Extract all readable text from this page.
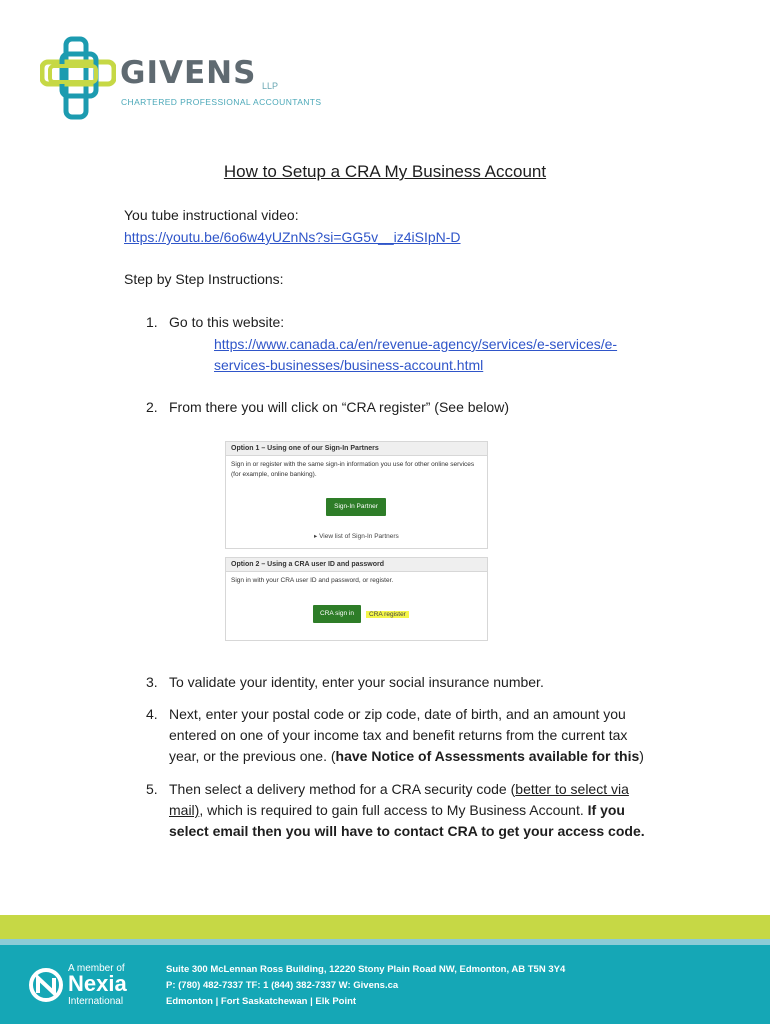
GIVENS LLP
CHARTERED PROFESSIONAL ACCOUNTANTS
How to Setup a CRA My Business Account
You tube instructional video:
https://youtu.be/6o6w4yUZnNs?si=GG5v__iz4iSIpN-D
Step by Step Instructions:
1. Go to this website:
https://www.canada.ca/en/revenue-agency/services/e-services/e-
services-businesses/business-account.html
2. From there you will click on “CRA register” (See below)
Option 1 – Using one of our Sign-In Partners
Sign in or register with the same sign-in information you use for other online services (for example, online banking).
Sign-In Partner
▸ View list of Sign-In Partners
Option 2 – Using a CRA user ID and password
Sign in with your CRA user ID and password, or register.
CRA sign in	CRA register
3. To validate your identity, enter your social insurance number.
4. Next, enter your postal code or zip code, date of birth, and an amount you
entered on one of your income tax and benefit returns from the current tax
year, or the previous one. (have Notice of Assessments available for this)
5. Then select a delivery method for a CRA security code (better to select via
mail), which is required to gain full access to My Business Account. If you
select email then you will have to contact CRA to get your access code.
A member of
Nexia
International
Suite 300 McLennan Ross Building, 12220 Stony Plain Road NW, Edmonton, AB T5N 3Y4
P: (780) 482-7337 TF: 1 (844) 382-7337 W: Givens.ca
Edmonton | Fort Saskatchewan | Elk Point
